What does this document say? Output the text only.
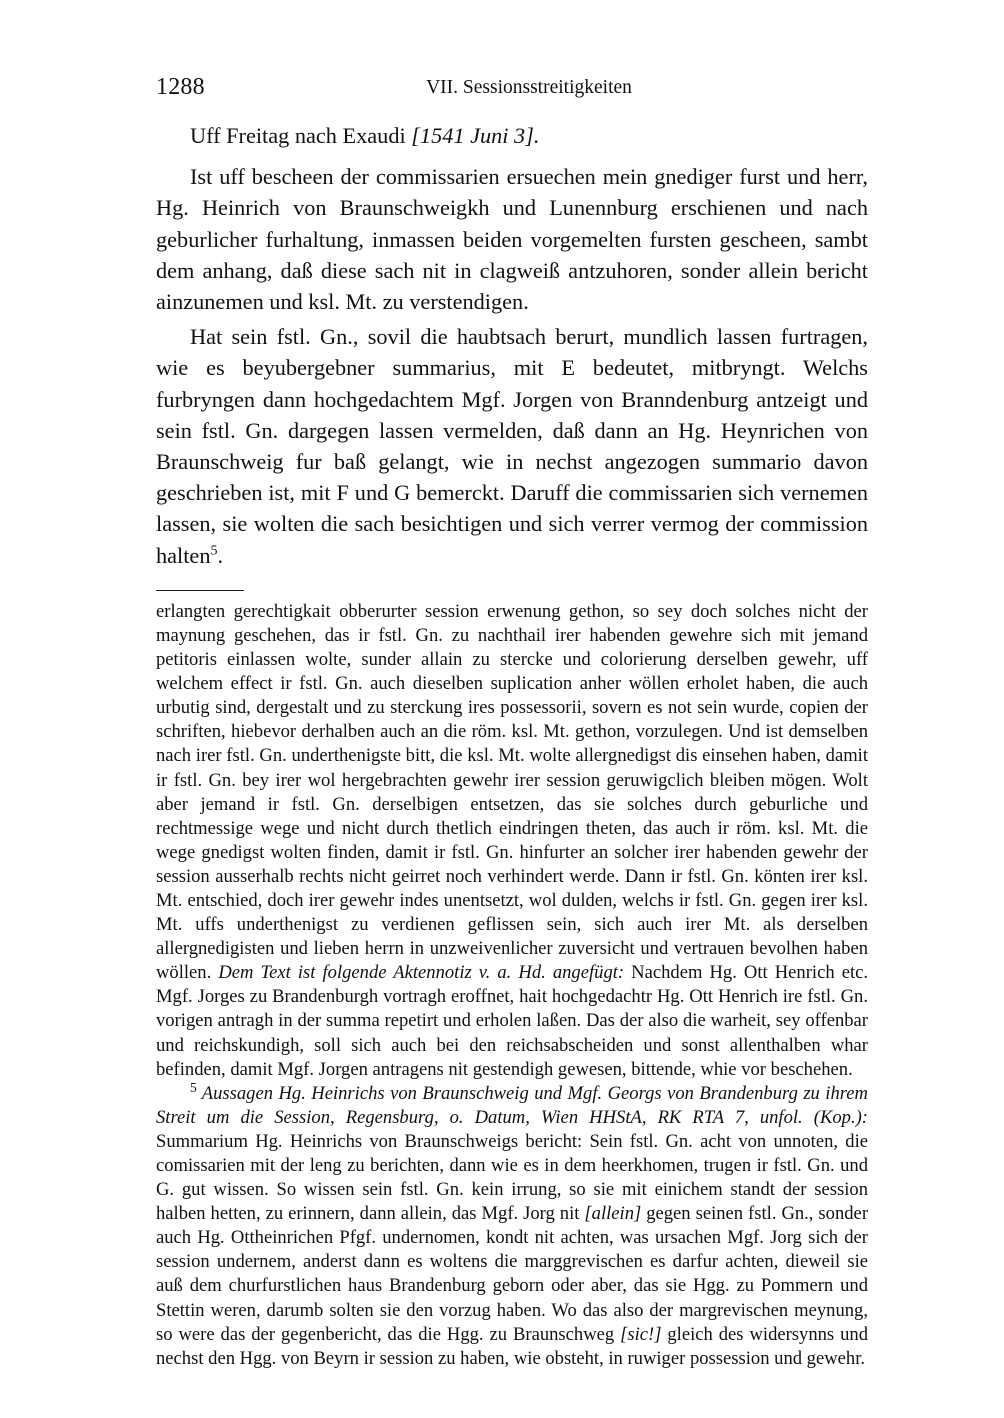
1288	VII. Sessionsstreitigkeiten

Uff Freitag nach Exaudi [1541 Juni 3].

Ist uff bescheen der commissarien ersuechen mein gnediger furst und herr, Hg. Heinrich von Braunschweigkh und Lunennburg erschienen und nach geburlicher furhaltung, inmassen beiden vorgemelten fursten gescheen, sambt dem anhang, daß diese sach nit in clagweiß antzuhoren, sonder allein bericht ainzunemen und ksl. Mt. zu verstendigen.

Hat sein fstl. Gn., sovil die haubtsach berurt, mundlich lassen furtragen, wie es beyubergebner summarius, mit E bedeutet, mitbryngt. Welchs furbryngen dann hochgedachtem Mgf. Jorgen von Branndenburg antzeigt und sein fstl. Gn. dargegen lassen vermelden, daß dann an Hg. Heynrichen von Braunschweig fur baß gelangt, wie in nechst angezogen summario davon geschrieben ist, mit F und G bemerckt. Daruff die commissarien sich vernemen lassen, sie wolten die sach besichtigen und sich verrer vermog der commission halten$^5$.

erlangten gerechtigkait obberurter session erwenung gethon, so sey doch solches nicht der maynung geschehen, das ir fstl. Gn. zu nachthail irer habenden gewehre sich mit jemand petitoris einlassen wolte, sunder allain zu stercke und colorierung derselben gewehr, uff welchem effect ir fstl. Gn. auch dieselben suplication anher wöllen erholet haben, die auch urbutig sind, dergestalt und zu sterckung ires possessorii, sovern es not sein wurde, copien der schriften, hiebevor derhalben auch an die röm. ksl. Mt. gethon, vorzulegen. Und ist demselben nach irer fstl. Gn. underthenigste bitt, die ksl. Mt. wolte allergnedigst dis einsehen haben, damit ir fstl. Gn. bey irer wol hergebrachten gewehr irer session geruwigclich bleiben mögen. Wolt aber jemand ir fstl. Gn. derselbigen entsetzen, das sie solches durch geburliche und rechtmessige wege und nicht durch thetlich eindringen theten, das auch ir röm. ksl. Mt. die wege gnedigst wolten finden, damit ir fstl. Gn. hinfurter an solcher irer habenden gewehr der session ausserhalb rechts nicht geirret noch verhindert werde. Dann ir fstl. Gn. könten irer ksl. Mt. entschied, doch irer gewehr indes unentsetzt, wol dulden, welchs ir fstl. Gn. gegen irer ksl. Mt. uffs underthenigst zu verdienen geflissen sein, sich auch irer Mt. als derselben allergnedigisten und lieben herrn in unzweivenlicher zuversicht und vertrauen bevolhen haben wöllen. Dem Text ist folgende Aktennotiz v. a. Hd. angefügt: Nachdem Hg. Ott Henrich etc. Mgf. Jorges zu Brandenburgh vortragh eroffnet, hait hochgedachtr Hg. Ott Henrich ire fstl. Gn. vorigen antragh in der summa repetirt und erholen laßen. Das der also die warheit, sey offenbar und reichskundigh, soll sich auch bei den reichsabscheiden und sonst allenthalben whar befinden, damit Mgf. Jorgen antragens nit gestendigh gewesen, bittende, whie vor beschehen.

$^5$ Aussagen Hg. Heinrichs von Braunschweig und Mgf. Georgs von Brandenburg zu ihrem Streit um die Session, Regensburg, o. Datum, Wien HHStA, RK RTA 7, unfol. (Kop.): Summarium Hg. Heinrichs von Braunschweigs bericht: Sein fstl. Gn. acht von unnoten, die comissarien mit der leng zu berichten, dann wie es in dem heerkhomen, trugen ir fstl. Gn. und G. gut wissen. So wissen sein fstl. Gn. kein irrung, so sie mit einichem standt der session halben hetten, zu erinnern, dann allein, das Mgf. Jorg nit [allein] gegen seinen fstl. Gn., sonder auch Hg. Ottheinrichen Pfgf. undernomen, kondt nit achten, was ursachen Mgf. Jorg sich der session undernem, anderst dann es woltens die marggrevischen es darfur achten, dieweil sie auß dem churfurstlichen haus Brandenburg geborn oder aber, das sie Hgg. zu Pommern und Stettin weren, darumb solten sie den vorzug haben. Wo das also der margrevischen meynung, so were das der gegenbericht, das die Hgg. zu Braunschweg [sic!] gleich des widersynns und nechst den Hgg. von Beyrn ir session zu haben, wie obsteht, in ruwiger possession und gewehr.
